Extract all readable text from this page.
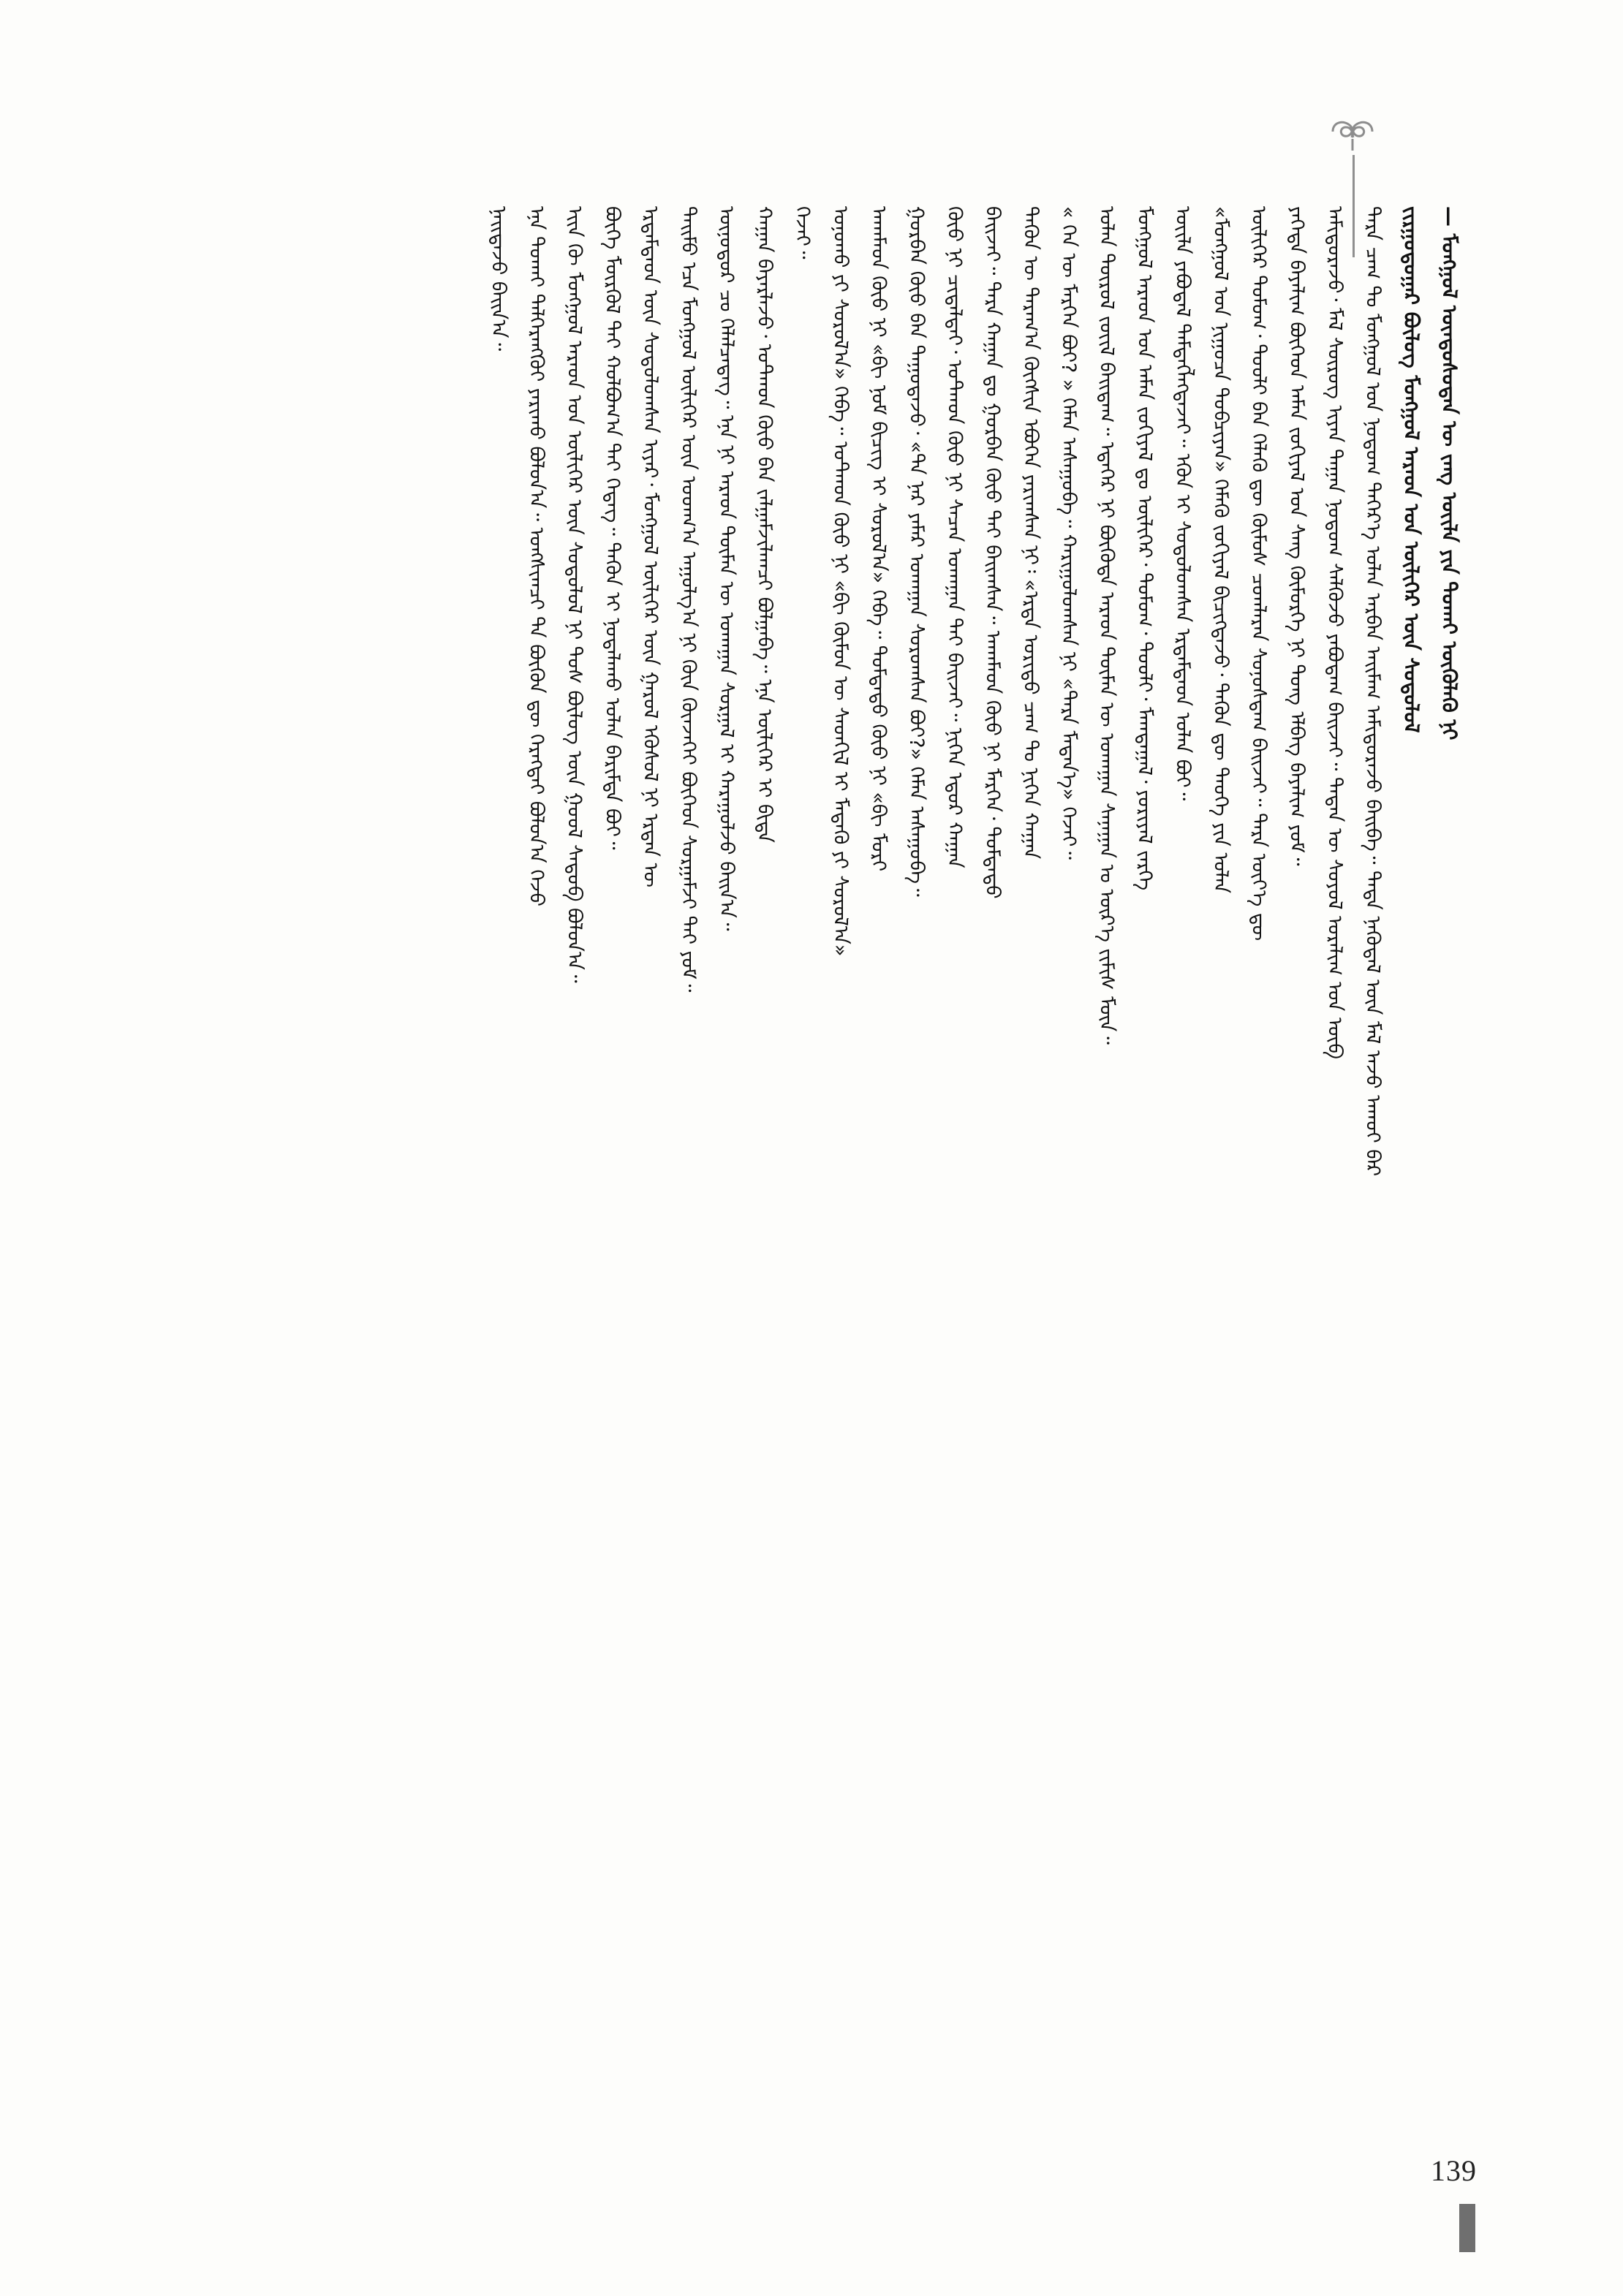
— ᠮᠣᠩᠭᠣᠯ ᠦᠨᠳᠦᠰᠦᠲᠡᠨ ᠦ ᠵᠠᠩ ᠦᠢᠯᠡ ᠶᠢᠨ ᠲᠤᠬᠠᠢ ᠥᠭᠦᠯᠡᠬᠦ ᠨᠢ
ᠵᠢᠷᠭᠤᠳᠤᠭᠠᠷ ᠪᠦᠯᠦᠭ ᠮᠣᠩᠭᠣᠯ ᠠᠷᠠᠳ ᠤᠨ ᠦᠯᠢᠭᠡᠷ ᠦᠨ ᠰᠤᠳᠤᠯᠤᠯ
ᠲᠡᠷᠡ ᠴᠠᠭ ᠲᠤ ᠮᠣᠩᠭᠣᠯ ᠤᠨ ᠨᠤᠲᠤᠭ ᠳᠡᠭᠡᠷ᠎ᠡ ᠣᠯᠠᠨ ᠠᠷᠪᠠᠨ ᠠᠢᠮᠠᠭ ᠠᠮᠢᠳᠤᠷᠠᠵᠤ ᠪᠠᠢᠪᠠ᠃ ᠲᠡᠳᠡ ᠨᠡᠭᠦᠳᠡᠯ ᠦᠨ ᠮᠠᠯ ᠠᠵᠤ ᠠᠬᠤᠢ ᠪᠠᠷ
ᠠᠮᠢᠳᠤᠷᠠᠵᠤ᠂ ᠮᠠᠯ ᠰᠦᠷᠦᠭ ᠢᠶᠡᠨ ᠳᠠᠭᠠᠨ ᠨᠤᠲᠤᠭ ᠰᠡᠯᠭᠦᠵᠦ ᠶᠠᠪᠤᠳᠠᠭ ᠪᠠᠢᠵᠠᠢ᠃ ᠲᠡᠳᠡᠨ ᠦ ᠰᠤᠶᠤᠯ ᠤᠷᠠᠯᠢᠭ ᠤᠨ ᠥᠪ
ᠶᠡᠬᠡᠳᠡ ᠪᠠᠶᠠᠯᠢᠭ ᠪᠥᠭᠡᠳ ᠠᠮᠠᠨ ᠵᠣᠬᠢᠶᠠᠯ ᠤᠨ ᠰᠠᠩ ᠬᠥᠮᠦᠷᠭᠡ ᠨᠢ ᠲᠤᠩ ᠡᠯᠪᠡᠭ ᠪᠠᠶᠠᠯᠢᠭ ᠶᠤᠮ᠃
ᠦᠯᠢᠭᠡᠷ ᠳᠣᠮᠤᠭ᠂ ᠲᠤᠤᠯᠢ ᠪᠡᠨ ᠬᠡᠯᠡᠬᠦ ᠳᠦ ᠬᠥᠮᠦᠰ ᠴᠤᠭᠯᠠᠷᠠᠨ ᠰᠣᠨᠤᠰᠳᠠᠭ ᠪᠠᠢᠵᠠᠢ᠃ ᠲᠡᠷᠡ ᠦᠶ᠎ᠡ ᠳᠦ
«ᠮᠣᠩᠭᠣᠯ ᠤᠨ ᠨᠢᠭᠤᠴᠠ ᠲᠣᠪᠴᠢᠶᠠᠨ» ᠬᠡᠮᠡᠬᠦ ᠵᠣᠬᠢᠶᠠᠯ ᠪᠢᠴᠢᠭᠳᠡᠵᠦ᠂ ᠲᠡᠭᠦᠨ ᠳᠦ ᠲᠡᠦᠬᠡ ᠶᠢᠨ ᠣᠯᠠᠨ
ᠦᠢᠯᠡ ᠶᠠᠪᠤᠳᠠᠯ ᠲᠡᠮᠳᠡᠭᠯᠡᠭᠳᠡᠵᠡᠢ᠃ ᠡᠭᠦᠨ ᠢ ᠰᠤᠳᠤᠯᠤᠭᠰᠠᠨ ᠡᠷᠳᠡᠮᠲᠡᠳ ᠣᠯᠠᠨ ᠪᠤᠢ᠃
ᠮᠣᠩᠭᠣᠯ ᠠᠷᠠᠳ ᠤᠨ ᠠᠮᠠᠨ ᠵᠣᠬᠢᠶᠠᠯ ᠳᠤ ᠦᠯᠢᠭᠡᠷ᠂ ᠳᠣᠮᠤᠭ᠂ ᠲᠤᠤᠯᠢ᠂ ᠮᠠᠭᠲᠠᠭᠠᠯ᠂ ᠶᠣᠷᠢᠶᠠᠯ ᠵᠡᠷᠭᠡ
ᠣᠯᠠᠨ ᠲᠥᠷᠥᠯ ᠵᠦᠢᠯ ᠪᠠᠢᠳᠠᠭ᠃ ᠡᠳᠡᠭᠡᠷ ᠨᠢ ᠪᠦᠭᠦᠳᠡ ᠠᠷᠠᠳ ᠲᠦᠮᠡᠨ ᠦ ᠤᠬᠠᠭᠠᠨ ᠰᠠᠨᠠᠭᠠᠨ ᠤ ᠦᠷ᠎ᠡ ᠵᠢᠮᠢᠰ ᠮᠥᠨ᠃
« ᠬᠡᠨ ᠦ ᠮᠡᠷᠭᠡᠨ ᠪᠤᠢ? » ᠬᠡᠮᠡᠨ ᠠᠰᠠᠭᠤᠪᠠ᠃ ᠬᠠᠷᠢᠭᠤᠯᠤᠭᠰᠠᠨ ᠨᠢ «ᠲᠡᠷᠡ ᠮᠡᠳᠡᠨ᠎ᠡ» ᠭᠡᠵᠡᠢ᠃
ᠲᠡᠭᠦᠨ ᠦ ᠳᠠᠷᠠᠭ᠎ᠠ ᠬᠥᠭᠰᠢᠨ ᠡᠪᠦᠭᠡᠨ ᠶᠠᠷᠢᠭᠰᠠᠨ ᠨᠢ᠄ «ᠡᠷᠲᠡ ᠤᠷᠢᠳᠤ ᠴᠠᠭ ᠲᠤ ᠨᠢᠭᠡᠨ ᠬᠠᠭᠠᠨ
ᠪᠠᠢᠵᠠᠢ᠃ ᠲᠡᠷᠡ ᠬᠠᠭᠠᠨ ᠳᠤ ᠭᠤᠷᠪᠠᠨ ᠬᠦᠦ ᠲᠡᠢ ᠪᠠᠢᠭᠰᠠᠨ᠃ ᠠᠬᠠᠮᠠᠳ ᠬᠦᠦ ᠨᠢ ᠮᠡᠷᠭᠡᠨ᠂ ᠳᠤᠮᠳᠠᠳᠤ
ᠬᠦᠦ ᠨᠢ ᠴᠢᠳᠠᠯᠲᠠᠢ᠂ ᠣᠲᠬᠣᠨ ᠬᠦᠦ ᠨᠢ ᠰᠡᠴᠡᠨ ᠤᠬᠠᠭᠠᠨ ᠲᠠᠢ ᠪᠠᠢᠵᠠᠢ᠃ ᠨᠢᠭᠡᠨ ᠡᠳᠦᠷ ᠬᠠᠭᠠᠨ
ᠭᠤᠷᠪᠠᠨ ᠬᠦᠦ ᠪᠡᠨ ᠳᠠᠭᠤᠳᠠᠵᠤ᠂ «ᠲᠠ ᠨᠠᠷ ᠶᠠᠮᠠᠷ ᠤᠬᠠᠭᠠᠨ ᠰᠤᠷᠤᠭᠰᠠᠨ ᠪᠤᠢ?» ᠬᠡᠮᠡᠨ ᠠᠰᠠᠭᠤᠪᠠ᠃
ᠠᠬᠠᠮᠠᠳ ᠬᠦᠦ ᠨᠢ «ᠪᠢ ᠨᠤᠮ ᠪᠢᠴᠢᠭ ᠢ ᠰᠤᠷᠤᠯ᠎ᠠ» ᠭᠡᠪᠡ᠃ ᠳᠤᠮᠳᠠᠳᠤ ᠬᠦᠦ ᠨᠢ «ᠪᠢ ᠮᠣᠷᠢ
ᠤᠨᠤᠬᠤ ᠶᠢ ᠰᠤᠷᠤᠯ᠎ᠠ» ᠭᠡᠪᠡ᠃ ᠣᠲᠬᠣᠨ ᠬᠦᠦ ᠨᠢ «ᠪᠢ ᠬᠥᠮᠦᠨ ᠦ ᠰᠡᠳᠬᠢᠯ ᠢ ᠮᠡᠳᠡᠬᠦ ᠶᠢ ᠰᠤᠷᠤᠯ᠎ᠠ»
ᠭᠡᠵᠡᠢ᠃
ᠬᠠᠭᠠᠨ ᠪᠠᠶᠠᠷᠯᠠᠵᠤ᠂ ᠣᠲᠬᠣᠨ ᠬᠦᠦ ᠪᠡᠨ ᠵᠠᠯᠭᠠᠮᠵᠢᠯᠠᠭᠴᠢ ᠪᠣᠯᠭᠠᠪᠠ᠃ ᠡᠨᠡ ᠦᠯᠢᠭᠡᠷ ᠢ ᠪᠢᠳᠡ
ᠥᠨᠥᠳᠥᠷ ᠴᠤ ᠬᠡᠯᠡᠯᠴᠡᠳᠡᠭ᠃ ᠡᠨᠡ ᠨᠢ ᠠᠷᠠᠳ ᠲᠦᠮᠡᠨ ᠦ ᠤᠬᠠᠭᠠᠨ ᠰᠤᠷᠭᠠᠯ ᠢ ᠬᠠᠷᠠᠭᠤᠯᠵᠤ ᠪᠠᠢᠨ᠎ᠠ᠃
ᠲᠡᠢᠮᠦ ᠡᠴᠡ ᠮᠣᠩᠭᠣᠯ ᠦᠯᠢᠭᠡᠷ ᠦᠨ ᠤᠳᠬ᠎ᠠ ᠠᠭᠤᠯᠭ᠎ᠠ ᠨᠢ ᠭᠦᠨ ᠭᠦᠨᠵᠡᠭᠡᠢ ᠪᠥᠭᠡᠳ ᠰᠤᠷᠭᠠᠮᠵᠢ ᠲᠠᠢ ᠶᠤᠮ᠃
ᠡᠷᠳᠡᠮᠲᠡᠳ ᠦᠨ ᠰᠤᠳᠤᠯᠤᠭᠰᠠᠨ ᠢᠶᠠᠷ᠂ ᠮᠣᠩᠭᠣᠯ ᠦᠯᠢᠭᠡᠷ ᠦᠨ ᠭᠠᠷᠤᠯ ᠡᠭᠦᠰᠦᠯ ᠨᠢ ᠡᠷᠲᠡᠨ ᠦ
ᠪᠥᠭᠡ ᠮᠥᠷᠭᠦᠯ ᠲᠡᠢ ᠬᠣᠯᠪᠣᠭ᠎ᠠ ᠲᠠᠢ ᠭᠡᠳᠡᠭ᠃ ᠲᠡᠭᠦᠨ ᠢ ᠨᠤᠲᠠᠯᠠᠬᠤ ᠣᠯᠠᠨ ᠪᠠᠷᠢᠮᠲᠠ ᠪᠤᠢ᠃
ᠡᠢᠨ ᠬᠦ ᠮᠣᠩᠭᠣᠯ ᠠᠷᠠᠳ ᠤᠨ ᠦᠯᠢᠭᠡᠷ ᠦᠨ ᠰᠤᠳᠤᠯᠤᠯ ᠨᠢ ᠲᠤᠰ ᠪᠦᠯᠦᠭ ᠦᠨ ᠭᠣᠣᠯ ᠰᠡᠳᠦᠪ ᠪᠣᠯᠤᠨ᠎ᠠ᠃
ᠡᠨᠡ ᠲᠤᠬᠠᠢ ᠳᠡᠯᠭᠡᠷᠡᠩᠭᠦᠢ ᠶᠠᠷᠢᠬᠤ ᠪᠣᠯᠤᠨ᠎ᠠ᠃ ᠤᠩᠰᠢᠭᠴᠢ ᠲᠠ ᠪᠦᠬᠦᠨ ᠳᠦ ᠬᠡᠷᠡᠭᠲᠡᠢ ᠪᠣᠯᠤᠨ᠎ᠠ ᠭᠡᠵᠦ
ᠨᠠᠢᠳᠠᠵᠤ ᠪᠠᠢᠨ᠎ᠠ᠃
139
